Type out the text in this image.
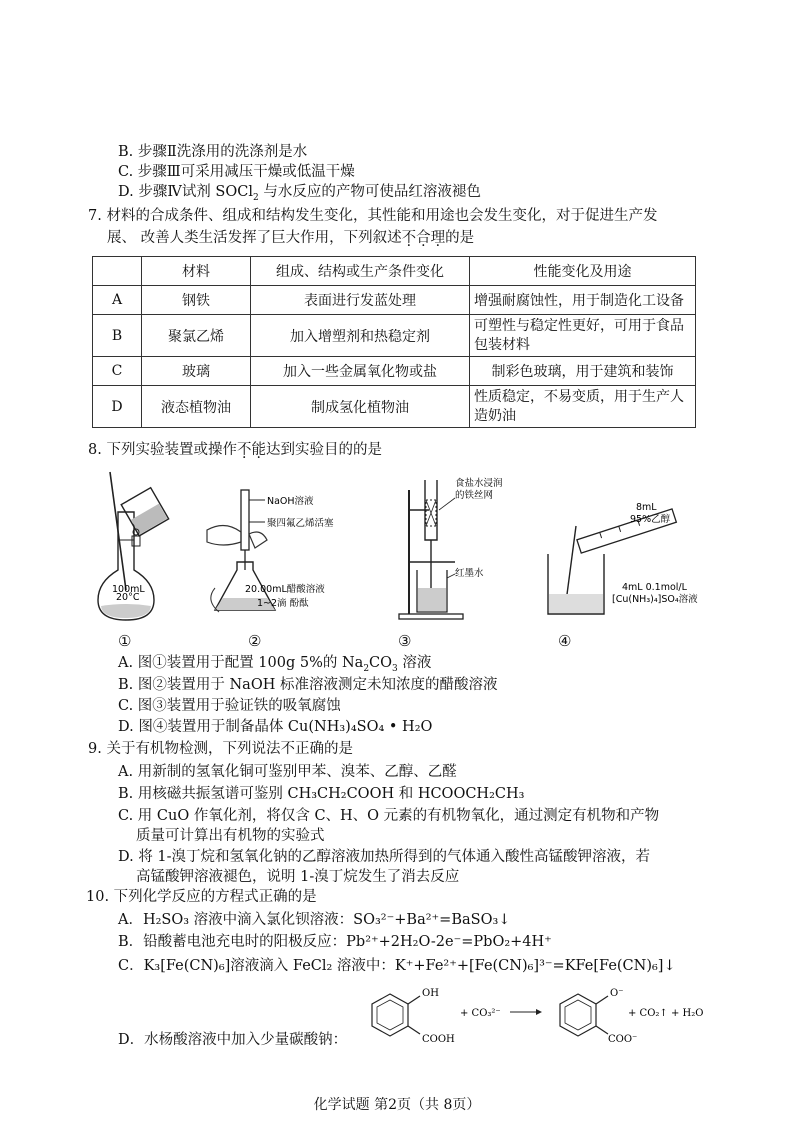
B. 步骤Ⅱ洗涤用的洗涤剂是水
C. 步骤Ⅲ可采用减压干燥或低温干燥
D. 步骤Ⅳ试剂 SOCl$_2$ 与水反应的产物可使品红溶液褪色
7. 材料的合成条件、组成和结构发生变化，其性能和用途也会发生变化，对于促进生产发
展、 改善人类生活发挥了巨大作用，下列叙述不合理的是
	材料	组成、结构或生产条件变化	性能变化及用途
A	钢铁	表面进行发蓝处理	增强耐腐蚀性，用于制造化工设备
B	聚氯乙烯	加入增塑剂和热稳定剂	可塑性与稳定性更好，可用于食品包装材料
C	玻璃	加入一些金属氧化物或盐	制彩色玻璃，用于建筑和装饰
D	液态植物油	制成氢化植物油	性质稳定，不易变质，用于生产人造奶油
8. 下列实验装置或操作不能达到实验目的的是
100mL
20°C
NaOH溶液
聚四氟乙烯活塞
20.00mL醋酸溶液
1~2滴 酚酞
食盐水浸润
的铁丝网
红墨水
8mL
95%乙醇
4mL 0.1mol/L
[Cu(NH₃)₄]SO₄溶液
①	②	③	④
A. 图①装置用于配置 100g 5%的 $Na_2CO_3$ 溶液
B. 图②装置用于 NaOH 标准溶液测定未知浓度的醋酸溶液
C. 图③装置用于验证铁的吸氧腐蚀
D. 图④装置用于制备晶体 Cu(NH₃)₄SO₄ • H₂O
9. 关于有机物检测，下列说法不正确的是
A. 用新制的氢氧化铜可鉴别甲苯、溴苯、乙醇、乙醛
B. 用核磁共振氢谱可鉴别 CH₃CH₂COOH 和 HCOOCH₂CH₃
C. 用 CuO 作氧化剂，将仅含 C、H、O 元素的有机物氧化，通过测定有机物和产物
质量可计算出有机物的实验式
D. 将 1-溴丁烷和氢氧化钠的乙醇溶液加热所得到的气体通入酸性高锰酸钾溶液，若
高锰酸钾溶液褪色，说明 1-溴丁烷发生了消去反应
10. 下列化学反应的方程式正确的是
A．H₂SO₃ 溶液中滴入氯化钡溶液：SO₃²⁻+Ba²⁺=BaSO₃↓
B．铅酸蓄电池充电时的阳极反应：Pb²⁺+2H₂O-2e⁻=PbO₂+4H⁺
C．K₃[Fe(CN)₆]溶液滴入 FeCl₂ 溶液中：K⁺+Fe²⁺+[Fe(CN)₆]³⁻=KFe[Fe(CN)₆]↓
D．水杨酸溶液中加入少量碳酸钠：
OH
COOH
+ CO₃²⁻
O⁻
COO⁻
+ CO₂↑ + H₂O
化学试题 第2页（共 8页）
